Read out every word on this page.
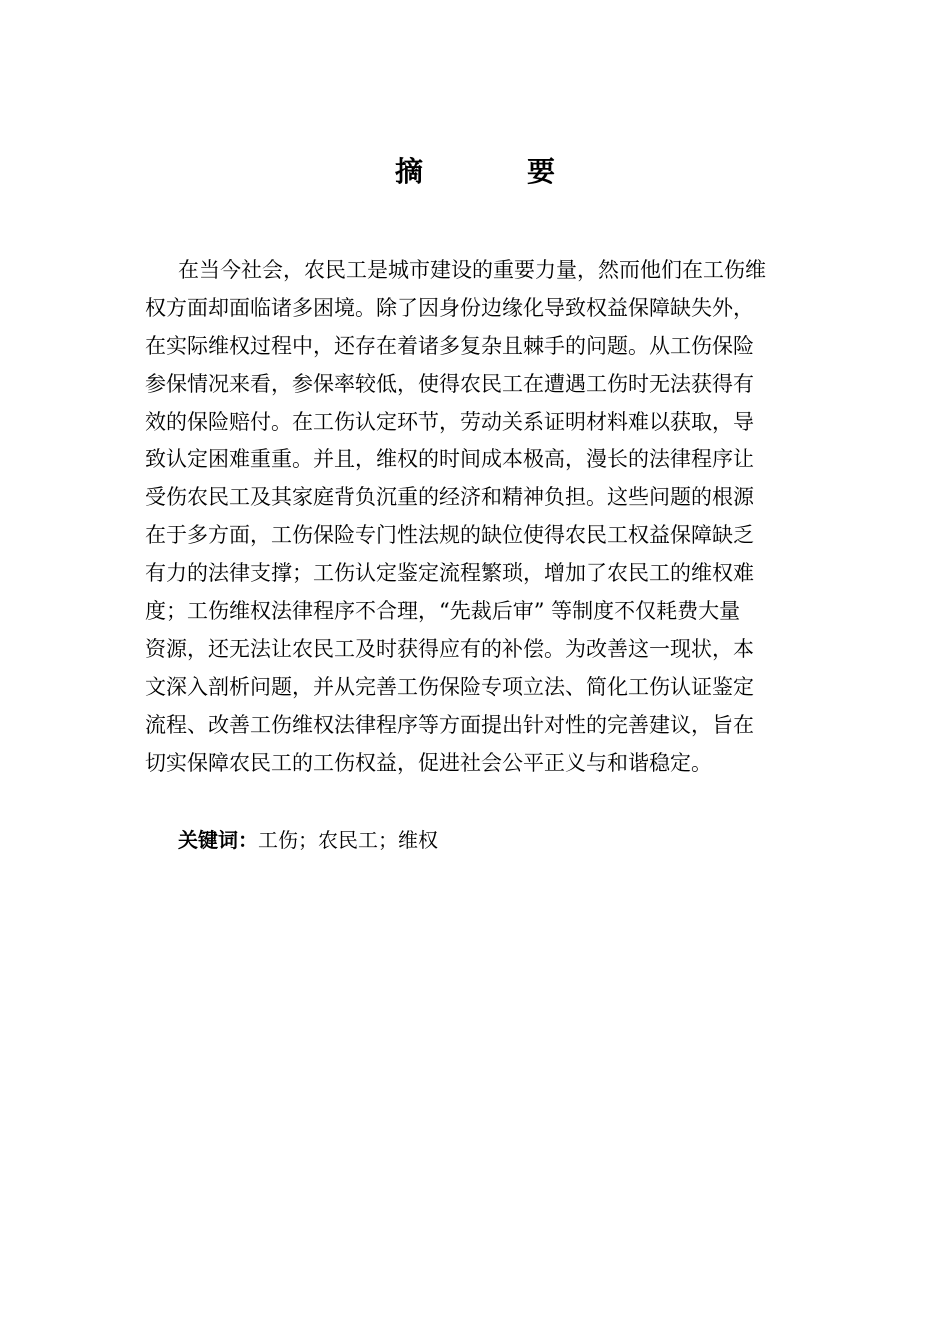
摘　要
在当今社会，农民工是城市建设的重要力量，然而他们在工伤维
权方面却面临诸多困境。除了因身份边缘化导致权益保障缺失外，
在实际维权过程中，还存在着诸多复杂且棘手的问题。从工伤保险
参保情况来看，参保率较低，使得农民工在遭遇工伤时无法获得有
效的保险赔付。在工伤认定环节，劳动关系证明材料难以获取，导
致认定困难重重。并且，维权的时间成本极高，漫长的法律程序让
受伤农民工及其家庭背负沉重的经济和精神负担。这些问题的根源
在于多方面，工伤保险专门性法规的缺位使得农民工权益保障缺乏
有力的法律支撑；工伤认定鉴定流程繁琐，增加了农民工的维权难
度；工伤维权法律程序不合理，“先裁后审” 等制度不仅耗费大量
资源，还无法让农民工及时获得应有的补偿。为改善这一现状，本
文深入剖析问题，并从完善工伤保险专项立法、简化工伤认证鉴定
流程、改善工伤维权法律程序等方面提出针对性的完善建议，旨在
切实保障农民工的工伤权益，促进社会公平正义与和谐稳定。
关键词：工伤；农民工；维权
